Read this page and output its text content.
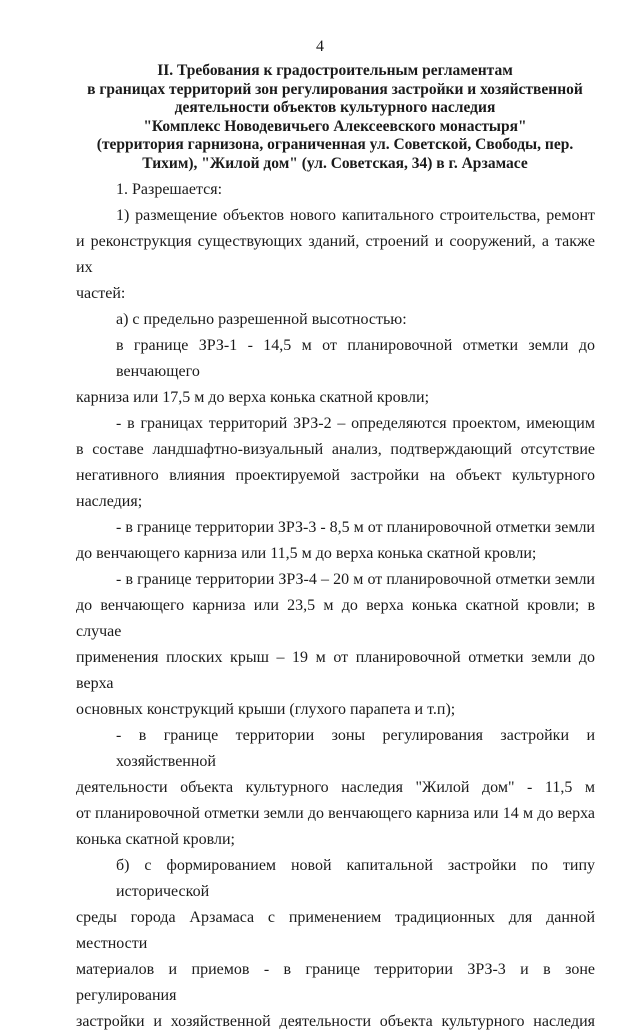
4
II. Требования к градостроительным регламентам
в границах территорий зон регулирования застройки и хозяйственной
деятельности объектов культурного наследия
"Комплекс Новодевичьего Алексеевского монастыря"
(территория гарнизона, ограниченная ул. Советской, Свободы, пер.
Тихим), "Жилой дом" (ул. Советская, 34) в г. Арзамасе

1. Разрешается:

1) размещение объектов нового капитального строительства, ремонт
и реконструкция существующих зданий, строений и сооружений, а также их
частей:

а) с предельно разрешенной высотностью:

в границе ЗРЗ-1 - 14,5 м от планировочной отметки земли до венчающего
карниза или 17,5 м до верха конька скатной кровли;

- в границах территорий ЗРЗ-2 – определяются проектом, имеющим
в составе ландшафтно-визуальный анализ, подтверждающий отсутствие
негативного влияния проектируемой застройки на объект культурного
наследия;

- в границе территории ЗРЗ-3 - 8,5 м от планировочной отметки земли
до венчающего карниза или 11,5 м до верха конька скатной кровли;

- в границе территории ЗРЗ-4 – 20 м от планировочной отметки земли
до венчающего карниза или 23,5 м до верха конька скатной кровли; в случае
применения плоских крыш – 19 м от планировочной отметки земли до верха
основных конструкций крыши (глухого парапета и т.п);

- в границе территории зоны регулирования застройки и хозяйственной
деятельности объекта культурного наследия "Жилой дом" - 11,5 м
от планировочной отметки земли до венчающего карниза или 14 м до верха
конька скатной кровли;

б) с формированием новой капитальной застройки по типу исторической
среды города Арзамаса с применением традиционных для данной местности
материалов и приемов - в границе территории ЗРЗ-3 и в зоне регулирования
застройки и хозяйственной деятельности объекта культурного наследия
